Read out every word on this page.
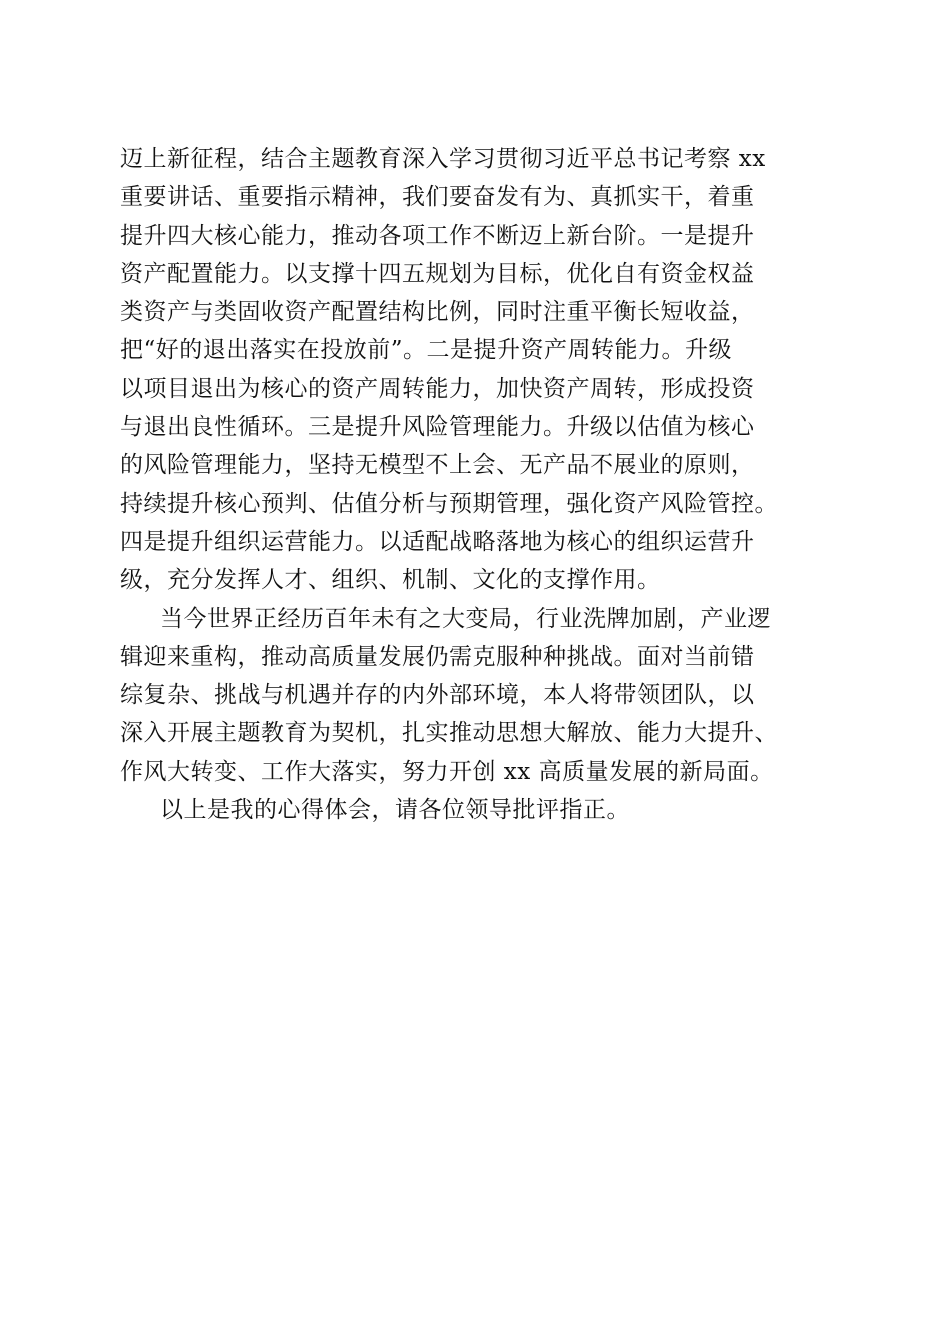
迈上新征程，结合主题教育深入学习贯彻习近平总书记考察 xx
重要讲话、重要指示精神，我们要奋发有为、真抓实干，着重
提升四大核心能力，推动各项工作不断迈上新台阶。一是提升
资产配置能力。以支撑十四五规划为目标，优化自有资金权益
类资产与类固收资产配置结构比例，同时注重平衡长短收益，
把“好的退出落实在投放前”。二是提升资产周转能力。升级
以项目退出为核心的资产周转能力，加快资产周转，形成投资
与退出良性循环。三是提升风险管理能力。升级以估值为核心
的风险管理能力，坚持无模型不上会、无产品不展业的原则，
持续提升核心预判、估值分析与预期管理，强化资产风险管控。
四是提升组织运营能力。以适配战略落地为核心的组织运营升
级，充分发挥人才、组织、机制、文化的支撑作用。
当今世界正经历百年未有之大变局，行业洗牌加剧，产业逻
辑迎来重构，推动高质量发展仍需克服种种挑战。面对当前错
综复杂、挑战与机遇并存的内外部环境，本人将带领团队，以
深入开展主题教育为契机，扎实推动思想大解放、能力大提升、
作风大转变、工作大落实，努力开创 xx 高质量发展的新局面。
以上是我的心得体会，请各位领导批评指正。
